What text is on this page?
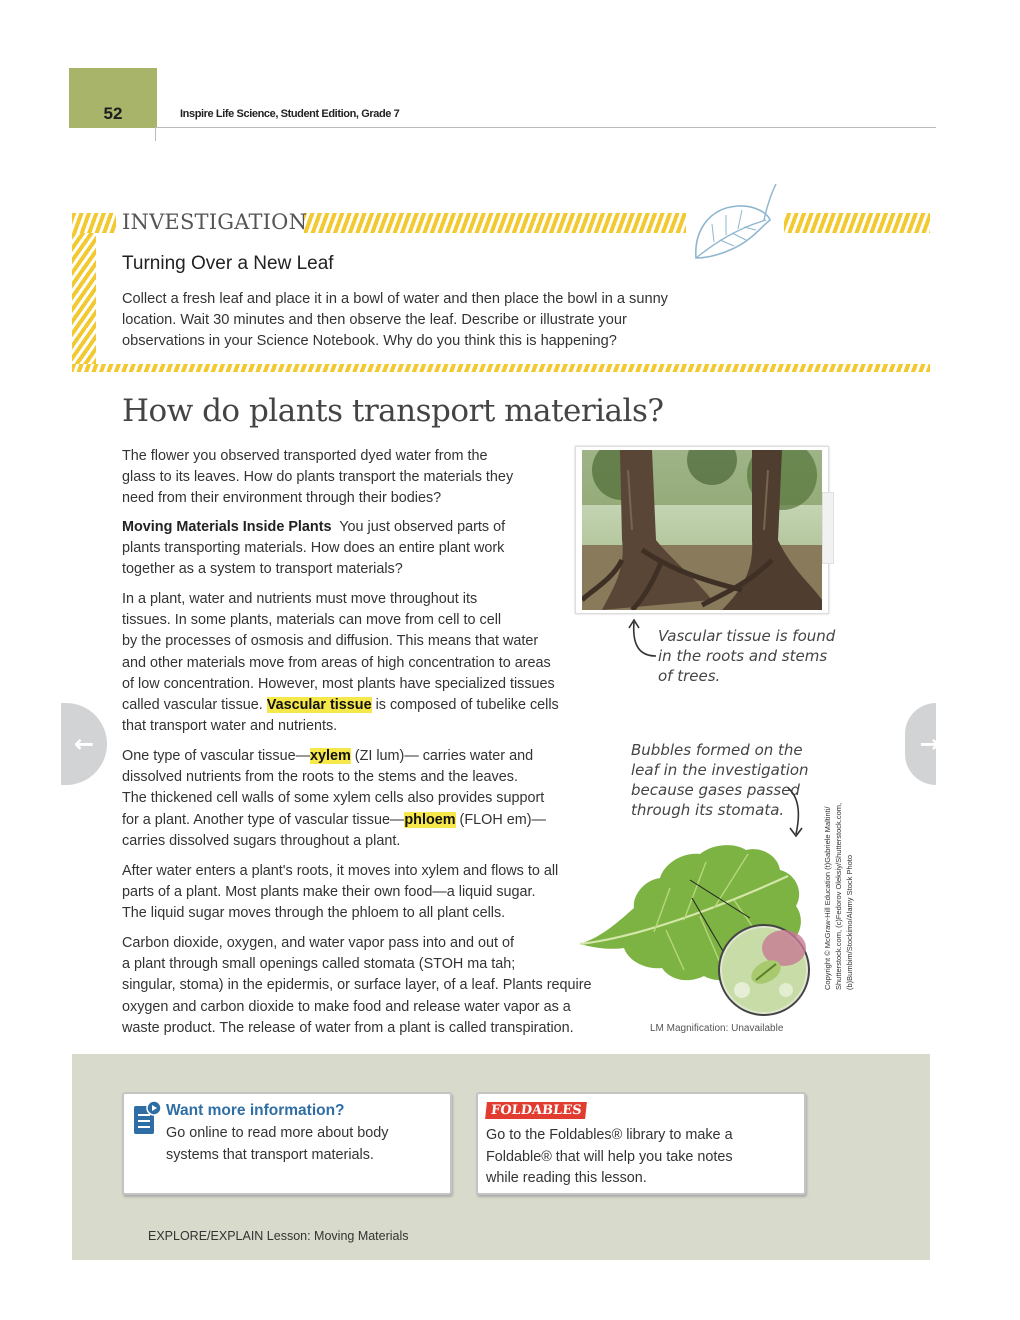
52	Inspire Life Science, Student Edition, Grade 7
INVESTIGATION
Turning Over a New Leaf
Collect a fresh leaf and place it in a bowl of water and then place the bowl in a sunny
location. Wait 30 minutes and then observe the leaf. Describe or illustrate your
observations in your Science Notebook. Why do you think this is happening?
How do plants transport materials?
The flower you observed transported dyed water from the
glass to its leaves. How do plants transport the materials they
need from their environment through their bodies?
Moving Materials Inside Plants You just observed parts of
plants transporting materials. How does an entire plant work
together as a system to transport materials?
In a plant, water and nutrients must move throughout its
tissues. In some plants, materials can move from cell to cell
by the processes of osmosis and diffusion. This means that water
and other materials move from areas of high concentration to areas
of low concentration. However, most plants have specialized tissues
called vascular tissue. Vascular tissue is composed of tubelike cells
that transport water and nutrients.
One type of vascular tissue—xylem (ZI lum)— carries water and
dissolved nutrients from the roots to the stems and the leaves.
The thickened cell walls of some xylem cells also provides support
for a plant. Another type of vascular tissue—phloem (FLOH em)—
carries dissolved sugars throughout a plant.
After water enters a plant's roots, it moves into xylem and flows to all
parts of a plant. Most plants make their own food—a liquid sugar.
The liquid sugar moves through the phloem to all plant cells.
Carbon dioxide, oxygen, and water vapor pass into and out of
a plant through small openings called stomata (STOH ma tah;
singular, stoma) in the epidermis, or surface layer, of a leaf. Plants require
oxygen and carbon dioxide to make food and release water vapor as a
waste product. The release of water from a plant is called transpiration.
Vascular tissue is found
in the roots and stems
of trees.
Bubbles formed on the
leaf in the investigation
because gases passed
through its stomata.
LM Magnification: Unavailable
Copyright © McGraw-Hill Education (t)Gabriele Maltinti/ Shutterstock.com, (c)Fedorov Oleksiy/Shutterstock.com, (b)Bumbim/Stockimo/Alamy Stock Photo
←	→
Want more information?
Go online to read more about body
systems that transport materials.
FOLDABLES
Go to the Foldables® library to make a
Foldable® that will help you take notes
while reading this lesson.
EXPLORE/EXPLAIN Lesson: Moving Materials
